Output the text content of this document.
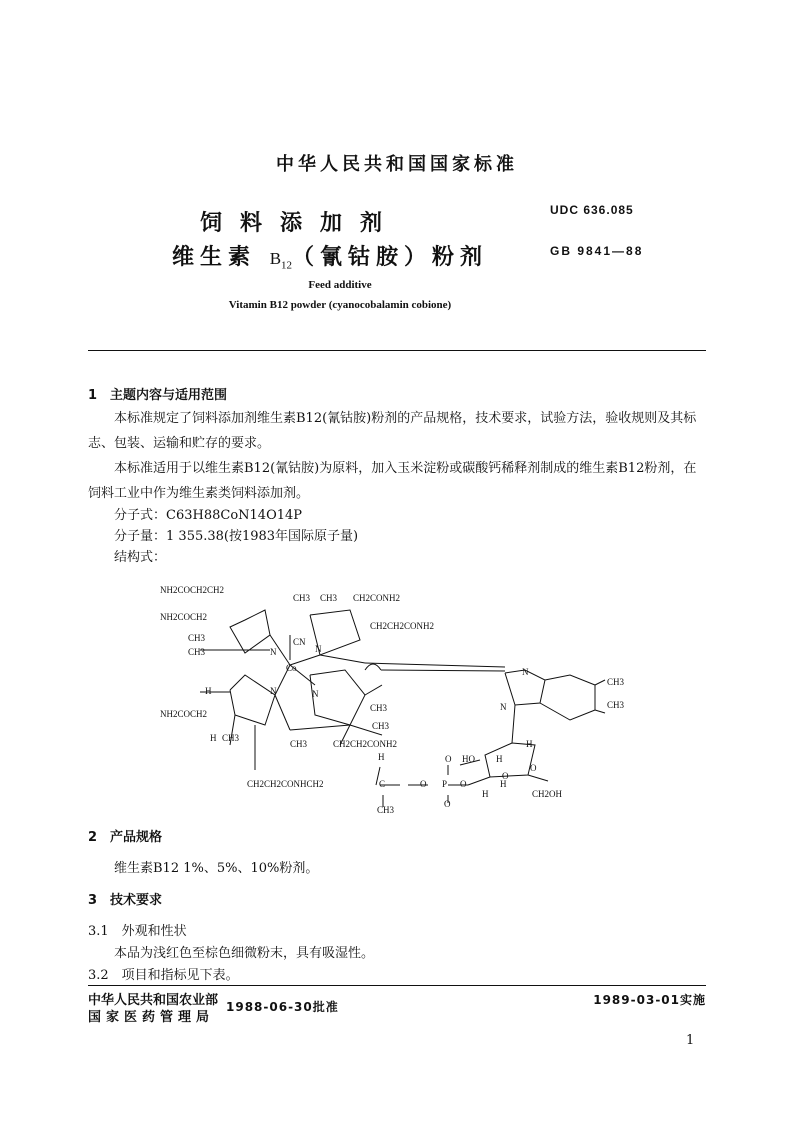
中华人民共和国国家标准
饲料添加剂
维生素 $B_{12}$（氰钴胺）粉剂
UDC 636.085
GB 9841—88
Feed additive
Vitamin B12 powder (cyanocobalamin cobione)
1　主题内容与适用范围
本标准规定了饲料添加剂维生素B12(氰钴胺)粉剂的产品规格，技术要求，试验方法，验收规则及其标志、包装、运输和贮存的要求。
本标准适用于以维生素B12(氰钴胺)为原料，加入玉米淀粉或碳酸钙稀释剂制成的维生素B12粉剂，在饲料工业中作为维生素类饲料添加剂。
分子式：C63H88CoN14O14P
分子量：1 355.38(按1983年国际原子量)
结构式：
NH2COCH2CH2
CH3 CH3 CH2CONH2
NH2COCH2
CH2CH2CONH2
CH3
CH3
CN
N	N
Co
H	N	N
NH2COCH2
CH3
CH3
H CH3
CH3	CH2CH2CONH2
N
N
CH3
CH3
H
H	HO H
O
O
CH2CH2CONHCH2	C	O P O
O
O
H	CH2OH
CH3
H
2　产品规格
维生素B12 1%、5%、10%粉剂。
3　技术要求
3.1　外观和性状
本品为浅红色至棕色细微粉末，具有吸湿性。
3.2　项目和指标见下表。
中华人民共和国农业部
国家医药管理局
1988-06-30批准	1989-03-01实施
1
